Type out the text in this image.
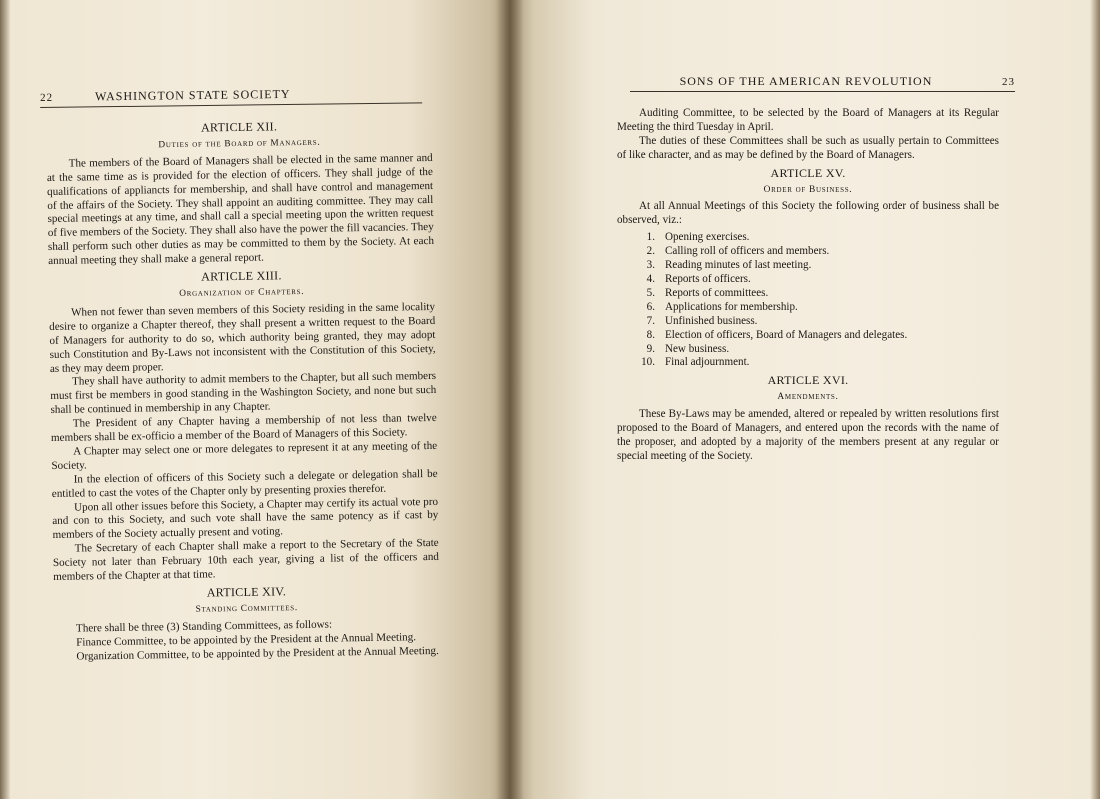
22	WASHINGTON STATE SOCIETY
ARTICLE XII.
Duties of the Board of Managers.

The members of the Board of Managers shall be elected in the same manner and at the same time as is provided for the election of officers. They shall judge of the qualifications of appliancts for membership, and shall have control and management of the affairs of the Society. They shall appoint an auditing committee. They may call special meetings at any time, and shall call a special meeting upon the written request of five members of the Society. They shall also have the power the fill vacancies. They shall perform such other duties as may be committed to them by the Society. At each annual meeting they shall make a general report.

ARTICLE XIII.
Organization of Chapters.

When not fewer than seven members of this Society residing in the same locality desire to organize a Chapter thereof, they shall present a written request to the Board of Managers for authority to do so, which authority being granted, they may adopt such Constitution and By-Laws not inconsistent with the Constitution of this Society, as they may deem proper.

They shall have authority to admit members to the Chapter, but all such members must first be members in good standing in the Washington Society, and none but such shall be continued in membership in any Chapter.

The President of any Chapter having a membership of not less than twelve members shall be ex-officio a member of the Board of Managers of this Society.

A Chapter may select one or more delegates to represent it at any meeting of the Society.

In the election of officers of this Society such a delegate or delegation shall be entitled to cast the votes of the Chapter only by presenting proxies therefor.

Upon all other issues before this Society, a Chapter may certify its actual vote pro and con to this Society, and such vote shall have the same potency as if cast by members of the Society actually present and voting.

The Secretary of each Chapter shall make a report to the Secretary of the State Society not later than February 10th each year, giving a list of the officers and members of the Chapter at that time.

ARTICLE XIV.
Standing Committees.

There shall be three (3) Standing Committees, as follows:

Finance Committee, to be appointed by the President at the Annual Meeting.

Organization Committee, to be appointed by the President at the Annual Meeting.

SONS OF THE AMERICAN REVOLUTION	23

Auditing Committee, to be selected by the Board of Managers at its Regular Meeting the third Tuesday in April.

The duties of these Committees shall be such as usually pertain to Committees of like character, and as may be defined by the Board of Managers.

ARTICLE XV.
Order of Business.

At all Annual Meetings of this Society the following order of business shall be observed, viz.:

1. Opening exercises.
2. Calling roll of officers and members.
3. Reading minutes of last meeting.
4. Reports of officers.
5. Reports of committees.
6. Applications for membership.
7. Unfinished business.
8. Election of officers, Board of Managers and delegates.
9. New business.
10. Final adjournment.
ARTICLE XVI.
Amendments.

These By-Laws may be amended, altered or repealed by written resolutions first proposed to the Board of Managers, and entered upon the records with the name of the proposer, and adopted by a majority of the members present at any regular or special meeting of the Society.
